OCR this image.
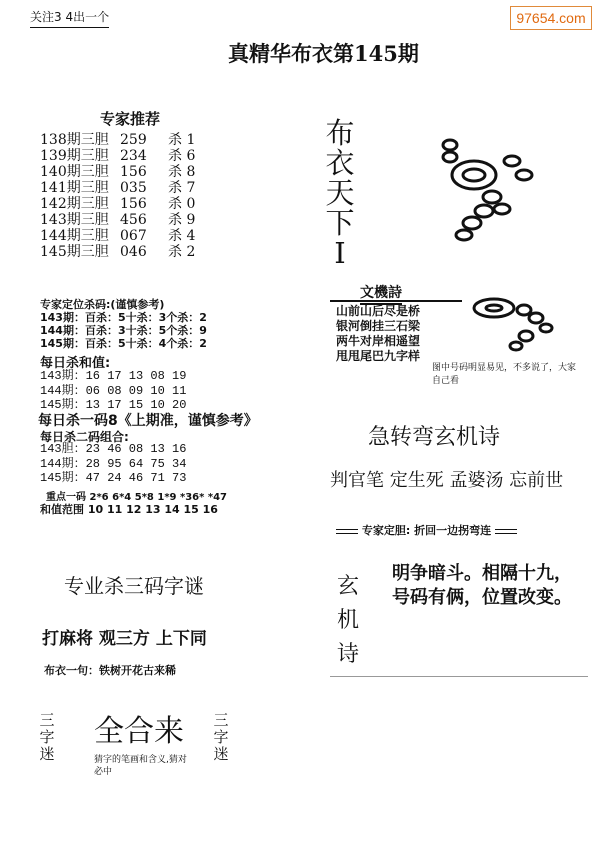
关注3 4出一个	97654.com
真精华布衣第145期
专家推荐
138期三胆 259 杀 1
139期三胆 234 杀 6
140期三胆 156 杀 8
141期三胆 035 杀 7
142期三胆 156 杀 0
143期三胆 456 杀 9
144期三胆 067 杀 4
145期三胆 046 杀 2
专家定位杀码:(谨慎参考)
143期：百杀：5十杀：3个杀：2
144期：百杀：3十杀：5个杀：9
145期：百杀：5十杀：4个杀：2
每日杀和值:
143期：16 17 13 08 19
144期：06 08 09 10 11
145期：13 17 15 10 20
每日杀一码8《上期准，谨慎参考》
每日杀二码组合:
143胆：23 46 08 13 16
144期：28 95 64 75 34
145期：47 24 46 71 73
重点一码 2*6 6*4 5*8 1*9 *36* *47
和值范围 10 11 12 13 14 15 16
布衣天下I
文機詩
山前山后尽是桥
银河倒挂三石梁
两牛对岸相遥望
甩甩尾巴九字样
图中号码明显易见，不多说了，大家自己看
急转弯玄机诗
判官笔 定生死 孟婆汤 忘前世
专家定胆: 折回一边拐弯连
玄
机
诗
明争暗斗。相隔十九，
号码有俩，位置改变。
专业杀三码字谜
打麻将 观三方 上下同
布衣一句：铁树开花古来稀
三字迷
全合来 三字迷
猜字的笔画和含义,猜对必中
